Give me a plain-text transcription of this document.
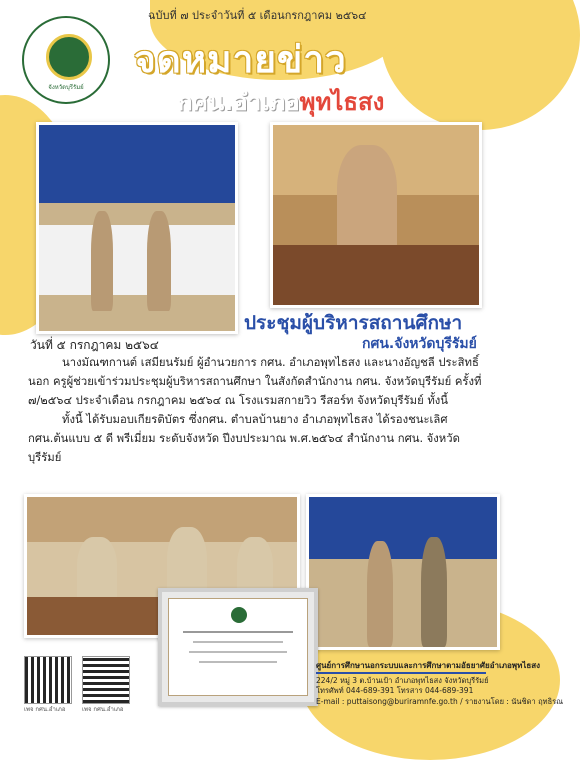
จังหวัดบุรีรัมย์
ฉบับที่ ๗ ประจำวันที่ ๕ เดือนกรกฎาคม ๒๕๖๔
จดหมายข่าว
กศน.อำเภอพุทไธสง
ประชุมผู้บริหารสถานศึกษา
กศน.จังหวัดบุรีรัมย์
วันที่ ๕ กรกฎาคม ๒๕๖๔

นางมัณฑกานต์ เสมียนรัมย์ ผู้อำนวยการ กศน. อำเภอพุทไธสง และนางอัญชลี ประสิทธิ์นอก ครูผู้ช่วยเข้าร่วมประชุมผู้บริหารสถานศึกษา ในสังกัดสำนักงาน กศน. จังหวัดบุรีรัมย์ ครั้งที่ ๗/๒๕๖๔ ประจำเดือน กรกฎาคม ๒๕๖๔ ณ โรงแรมสกายวิว รีสอร์ท จังหวัดบุรีรัมย์ ทั้งนี้

ทั้งนี้ ได้รับมอบเกียรติบัตร ซึ่งกศน. ตำบลบ้านยาง อำเภอพุทไธสง ได้รองชนะเลิศ กศน.ต้นแบบ ๕ ดี พรีเมี่ยม ระดับจังหวัด ปีงบประมาณ พ.ศ.๒๕๖๔ สำนักงาน กศน. จังหวัดบุรีรัมย์

เพจ กศน.อำเภอ	เพจ กศน.อำเภอ
ศูนย์การศึกษานอกระบบและการศึกษาตามอัธยาศัยอำเภอพุทไธสง
224/2 หมู่ 3 ต.บ้านเป้า อำเภอพุทไธสง จังหวัดบุรีรัมย์
โทรศัพท์ 044-689-391 โทรสาร 044-689-391
E-mail : puttaisong@buriramnfe.go.th / รายงานโดย : นันชิดา ฤทธิรณ
